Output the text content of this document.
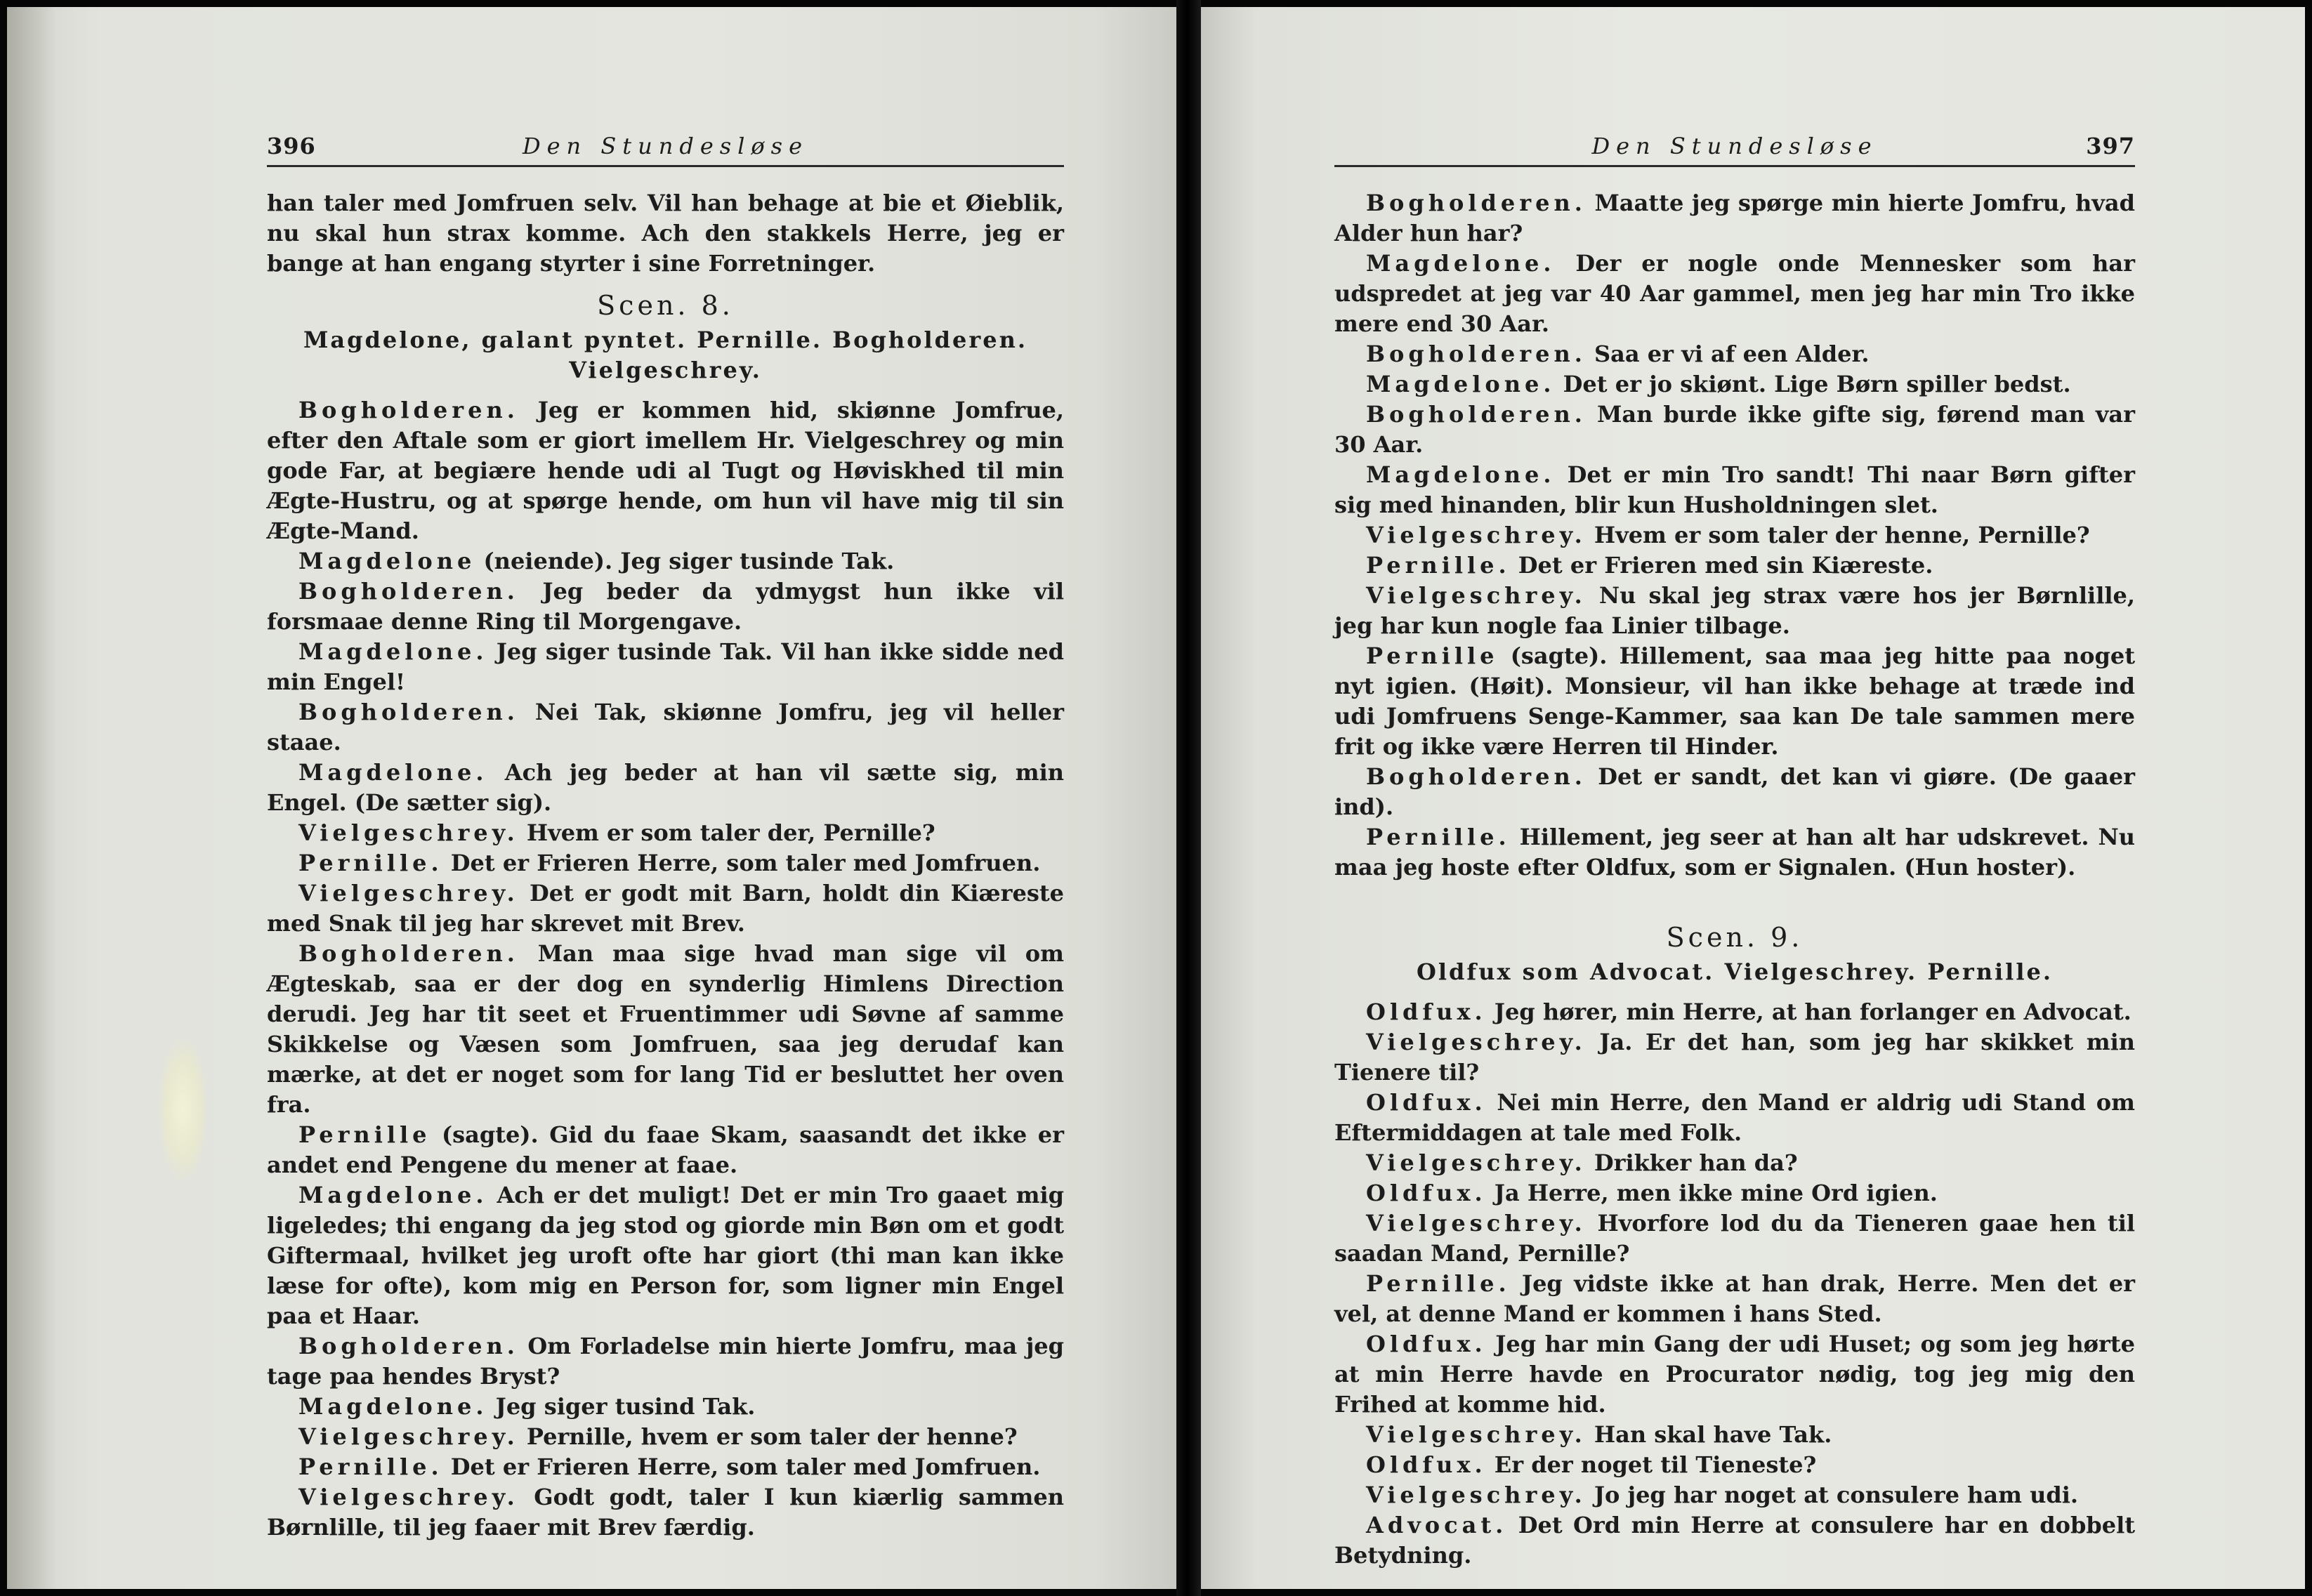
396	Den Stundesløse

han taler med Jomfruen selv. Vil han behage at bie et Øieblik, nu skal hun strax komme. Ach den stakkels Herre, jeg er bange at han engang styrter i sine Forretninger.

Scen. 8.
Magdelone, galant pyntet. Pernille. Bogholderen. Vielgeschrey.

Bogholderen. Jeg er kommen hid, skiønne Jomfrue, efter den Aftale som er giort imellem Hr. Vielgeschrey og min gode Far, at begiære hende udi al Tugt og Høviskhed til min Ægte-Hustru, og at spørge hende, om hun vil have mig til sin Ægte-Mand.

Magdelone (neiende). Jeg siger tusinde Tak.

Bogholderen. Jeg beder da ydmygst hun ikke vil forsmaae denne Ring til Morgengave.

Magdelone. Jeg siger tusinde Tak. Vil han ikke sidde ned min Engel!

Bogholderen. Nei Tak, skiønne Jomfru, jeg vil heller staae.

Magdelone. Ach jeg beder at han vil sætte sig, min Engel. (De sætter sig).

Vielgeschrey. Hvem er som taler der, Pernille?

Pernille. Det er Frieren Herre, som taler med Jomfruen.

Vielgeschrey. Det er godt mit Barn, holdt din Kiæreste med Snak til jeg har skrevet mit Brev.

Bogholderen. Man maa sige hvad man sige vil om Ægteskab, saa er der dog en synderlig Himlens Direction derudi. Jeg har tit seet et Fruentimmer udi Søvne af samme Skikkelse og Væsen som Jomfruen, saa jeg derudaf kan mærke, at det er noget som for lang Tid er besluttet her oven fra.

Pernille (sagte). Gid du faae Skam, saasandt det ikke er andet end Pengene du mener at faae.

Magdelone. Ach er det muligt! Det er min Tro gaaet mig ligeledes; thi engang da jeg stod og giorde min Bøn om et godt Giftermaal, hvilket jeg uroft ofte har giort (thi man kan ikke læse for ofte), kom mig en Person for, som ligner min Engel paa et Haar.

Bogholderen. Om Forladelse min hierte Jomfru, maa jeg tage paa hendes Bryst?

Magdelone. Jeg siger tusind Tak.

Vielgeschrey. Pernille, hvem er som taler der henne?

Pernille. Det er Frieren Herre, som taler med Jomfruen.

Vielgeschrey. Godt godt, taler I kun kiærlig sammen Børnlille, til jeg faaer mit Brev færdig.

Den Stundesløse	397

Bogholderen. Maatte jeg spørge min hierte Jomfru, hvad Alder hun har?

Magdelone. Der er nogle onde Mennesker som har udspredet at jeg var 40 Aar gammel, men jeg har min Tro ikke mere end 30 Aar.

Bogholderen. Saa er vi af een Alder.

Magdelone. Det er jo skiønt. Lige Børn spiller bedst.

Bogholderen. Man burde ikke gifte sig, førend man var 30 Aar.

Magdelone. Det er min Tro sandt! Thi naar Børn gifter sig med hinanden, blir kun Husholdningen slet.

Vielgeschrey. Hvem er som taler der henne, Pernille?

Pernille. Det er Frieren med sin Kiæreste.

Vielgeschrey. Nu skal jeg strax være hos jer Børnlille, jeg har kun nogle faa Linier tilbage.

Pernille (sagte). Hillement, saa maa jeg hitte paa noget nyt igien. (Høit). Monsieur, vil han ikke behage at træde ind udi Jomfruens Senge-Kammer, saa kan De tale sammen mere frit og ikke være Herren til Hinder.

Bogholderen. Det er sandt, det kan vi giøre. (De gaaer ind).

Pernille. Hillement, jeg seer at han alt har udskrevet. Nu maa jeg hoste efter Oldfux, som er Signalen. (Hun hoster).

Scen. 9.
Oldfux som Advocat. Vielgeschrey. Pernille.

Oldfux. Jeg hører, min Herre, at han forlanger en Advocat.

Vielgeschrey. Ja. Er det han, som jeg har skikket min Tienere til?

Oldfux. Nei min Herre, den Mand er aldrig udi Stand om Eftermiddagen at tale med Folk.

Vielgeschrey. Drikker han da?

Oldfux. Ja Herre, men ikke mine Ord igien.

Vielgeschrey. Hvorfore lod du da Tieneren gaae hen til saadan Mand, Pernille?

Pernille. Jeg vidste ikke at han drak, Herre. Men det er vel, at denne Mand er kommen i hans Sted.

Oldfux. Jeg har min Gang der udi Huset; og som jeg hørte at min Herre havde en Procurator nødig, tog jeg mig den Frihed at komme hid.

Vielgeschrey. Han skal have Tak.

Oldfux. Er der noget til Tieneste?

Vielgeschrey. Jo jeg har noget at consulere ham udi.

Advocat. Det Ord min Herre at consulere har en dobbelt Betydning.
